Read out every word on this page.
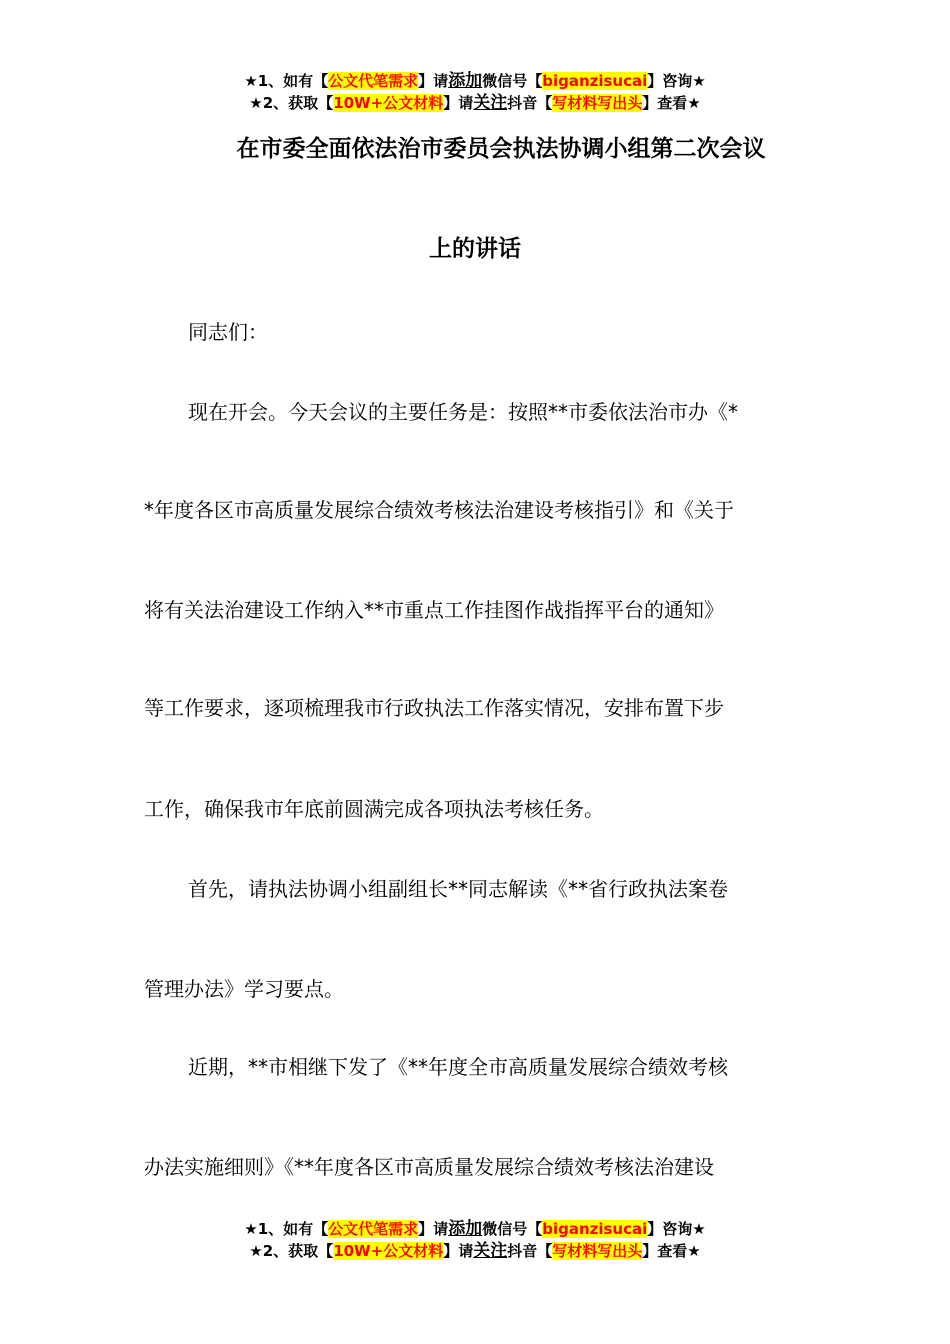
★1、如有【公文代笔需求】请添加微信号【biganzisucai】咨询★
★2、获取【10W+公文材料】请关注抖音【写材料写出头】查看★
在市委全面依法治市委员会执法协调小组第二次会议
上的讲话
同志们：
现在开会。今天会议的主要任务是：按照**市委依法治市办《*
*年度各区市高质量发展综合绩效考核法治建设考核指引》和《关于
将有关法治建设工作纳入**市重点工作挂图作战指挥平台的通知》
等工作要求，逐项梳理我市行政执法工作落实情况，安排布置下步
工作，确保我市年底前圆满完成各项执法考核任务。
首先，请执法协调小组副组长**同志解读《**省行政执法案卷
管理办法》学习要点。
近期，**市相继下发了《**年度全市高质量发展综合绩效考核
办法实施细则》《**年度各区市高质量发展综合绩效考核法治建设
★1、如有【公文代笔需求】请添加微信号【biganzisucai】咨询★
★2、获取【10W+公文材料】请关注抖音【写材料写出头】查看★
